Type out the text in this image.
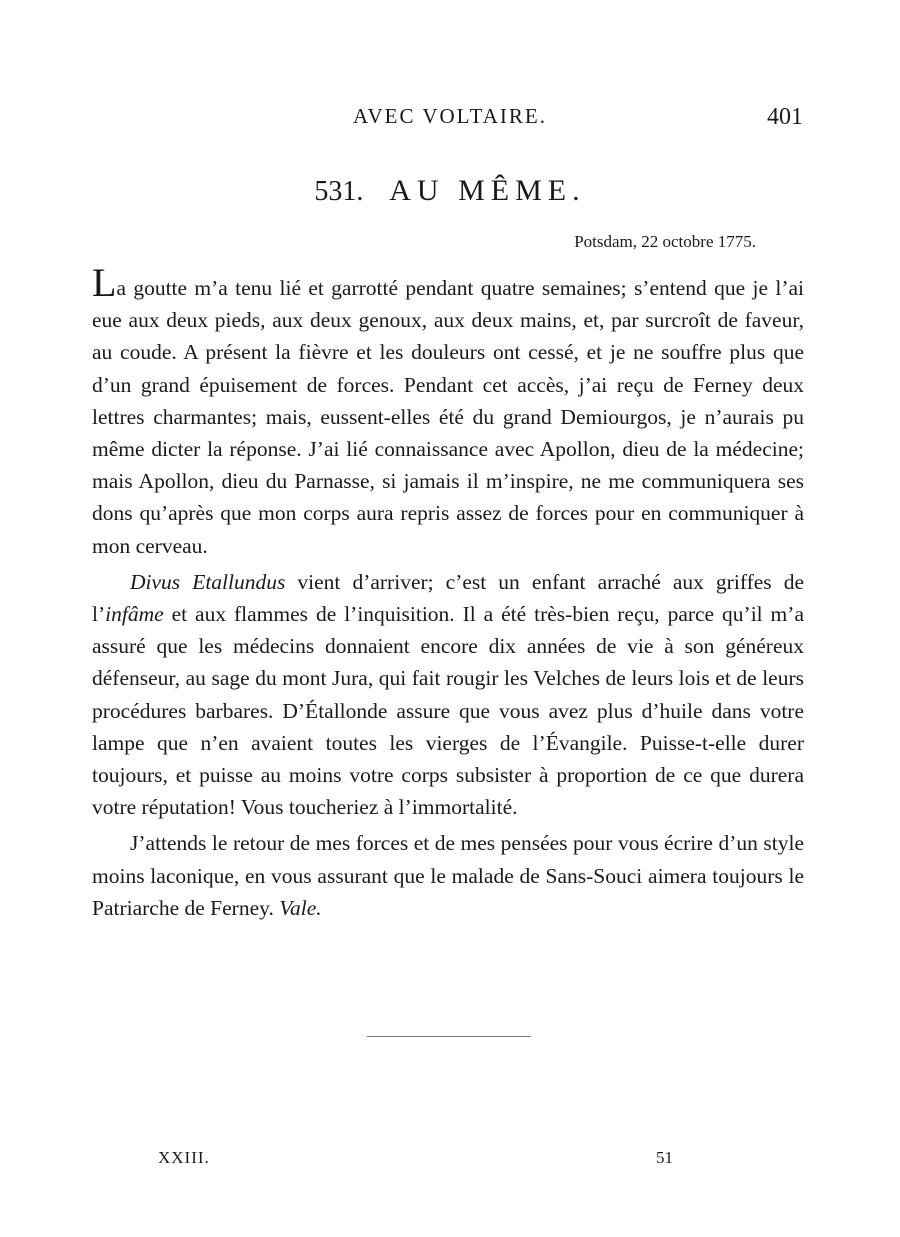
AVEC VOLTAIRE.	401
531. AU MÊME.
Potsdam, 22 octobre 1775.

La goutte m’a tenu lié et garrotté pendant quatre semaines; s’entend que je l’ai eue aux deux pieds, aux deux genoux, aux deux mains, et, par surcroît de faveur, au coude. A présent la fièvre et les douleurs ont cessé, et je ne souffre plus que d’un grand épuisement de forces. Pendant cet accès, j’ai reçu de Ferney deux lettres charmantes; mais, eussent-elles été du grand Demiourgos, je n’aurais pu même dicter la réponse. J’ai lié connaissance avec Apollon, dieu de la médecine; mais Apollon, dieu du Parnasse, si jamais il m’inspire, ne me communiquera ses dons qu’après que mon corps aura repris assez de forces pour en communiquer à mon cerveau.

Divus Etallundus vient d’arriver; c’est un enfant arraché aux griffes de l’infâme et aux flammes de l’inquisition. Il a été très-bien reçu, parce qu’il m’a assuré que les médecins donnaient encore dix années de vie à son généreux défenseur, au sage du mont Jura, qui fait rougir les Velches de leurs lois et de leurs procédures barbares. D’Étallonde assure que vous avez plus d’huile dans votre lampe que n’en avaient toutes les vierges de l’Évangile. Puisse-t-elle durer toujours, et puisse au moins votre corps subsister à proportion de ce que durera votre réputation! Vous toucheriez à l’immortalité.

J’attends le retour de mes forces et de mes pensées pour vous écrire d’un style moins laconique, en vous assurant que le malade de Sans-Souci aimera toujours le Patriarche de Ferney. Vale.

XXIII.	51
